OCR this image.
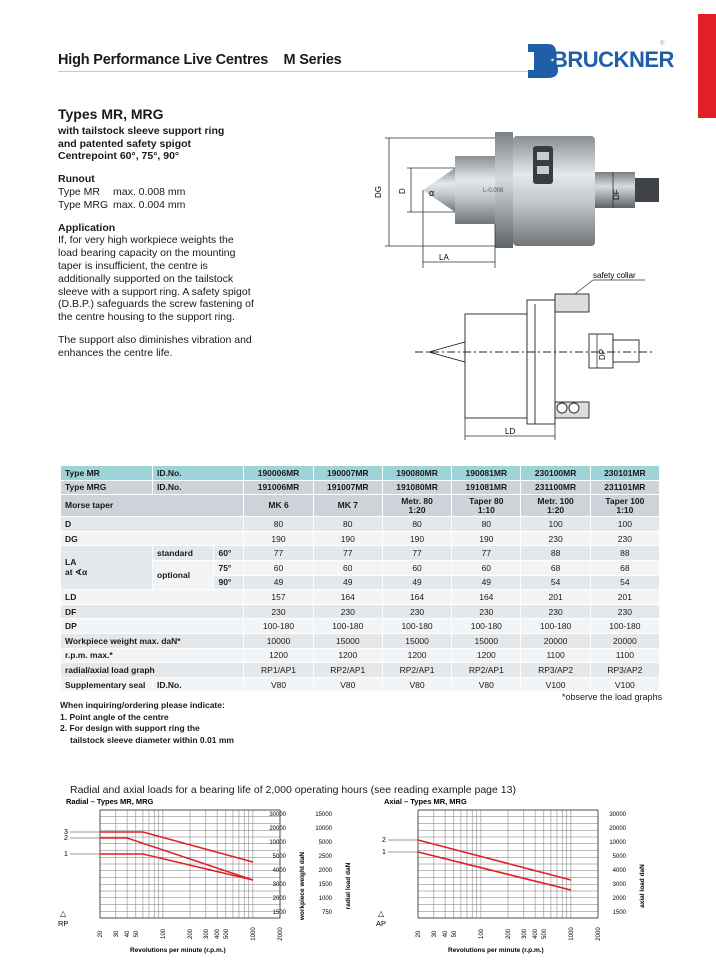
High Performance Live Centres M Series	BRUCKNER
®
Types MR, MRG
with tailstock sleeve support ring
and patented safety spigot
Centrepoint 60°, 75°, 90°
Runout
Type MR	max. 0.008 mm
Type MRG max. 0.004 mm
Application
If, for very high workpiece weights the
load bearing capacity on the mounting
taper is insufficient, the centre is
additionally supported on the tailstock
sleeve with a support ring. A safety spigot
(D.B.P.) safeguards the screw fastening of
the centre housing to the support ring.
The support also diminishes vibration and
enhances the centre life.
L-0.008
DG D α	DF
LA
safety collar
LD
DP
Type MR	ID.No.		190006MR	190007MR	190080MR	190081MR	230100MR	230101MR
Type MRG	ID.No.		191006MR	191007MR	191080MR	191081MR	231100MR	231101MR
Morse taper			MK 6	MK 7	Metr. 80
1:20	Taper 80
1:10	Metr. 100
1:20	Taper 100
1:10
D			80	80	80	80	100	100
DG			190	190	190	190	230	230
LA
at ∢α	standard	60°	77	77	77	77	88	88
	optional	75°	60	60	60	60	68	68
		90°	49	49	49	49	54	54
LD			157	164	164	164	201	201
DF			230	230	230	230	230	230
DP			100-180	100-180	100-180	100-180	100-180	100-180
Workpiece weight max. daN*			10000	15000	15000	15000	20000	20000
r.p.m. max.*			1200	1200	1200	1200	1100	1100
radial/axial load graph			RP1/AP1	RP2/AP1	RP2/AP1	RP2/AP1	RP3/AP2	RP3/AP2
Supplementary seal	ID.No.		V80	V80	V80	V80	V100	V100
*observe the load graphs
When inquiring/ordering please indicate:
1. Point angle of the centre
2. For design with support ring the
tailstock sleeve diameter within 0.01 mm
Radial and axial loads for a bearing life of 2,000 operating hours (see reading example page 13)
Radial – Types MR, MRG
20 30 40 50	100	200 300 400 500	1000	2000
Revolutions per minute (r.p.m.)
3
2
1
△
RP
30000
20000
10000
5000
4000
3000
2000
1500 workpiece weight daN
15000
10000
5000
2500
2000
1500
1000
750
radial load daN
Axial – Types MR, MRG
20 30 40 50	100	200 300 400 500	1000	2000
Revolutions per minute (r.p.m.)
2
1
△
AP
30000
20000
10000
5000
4000
3000
2000
1500
axial load daN
